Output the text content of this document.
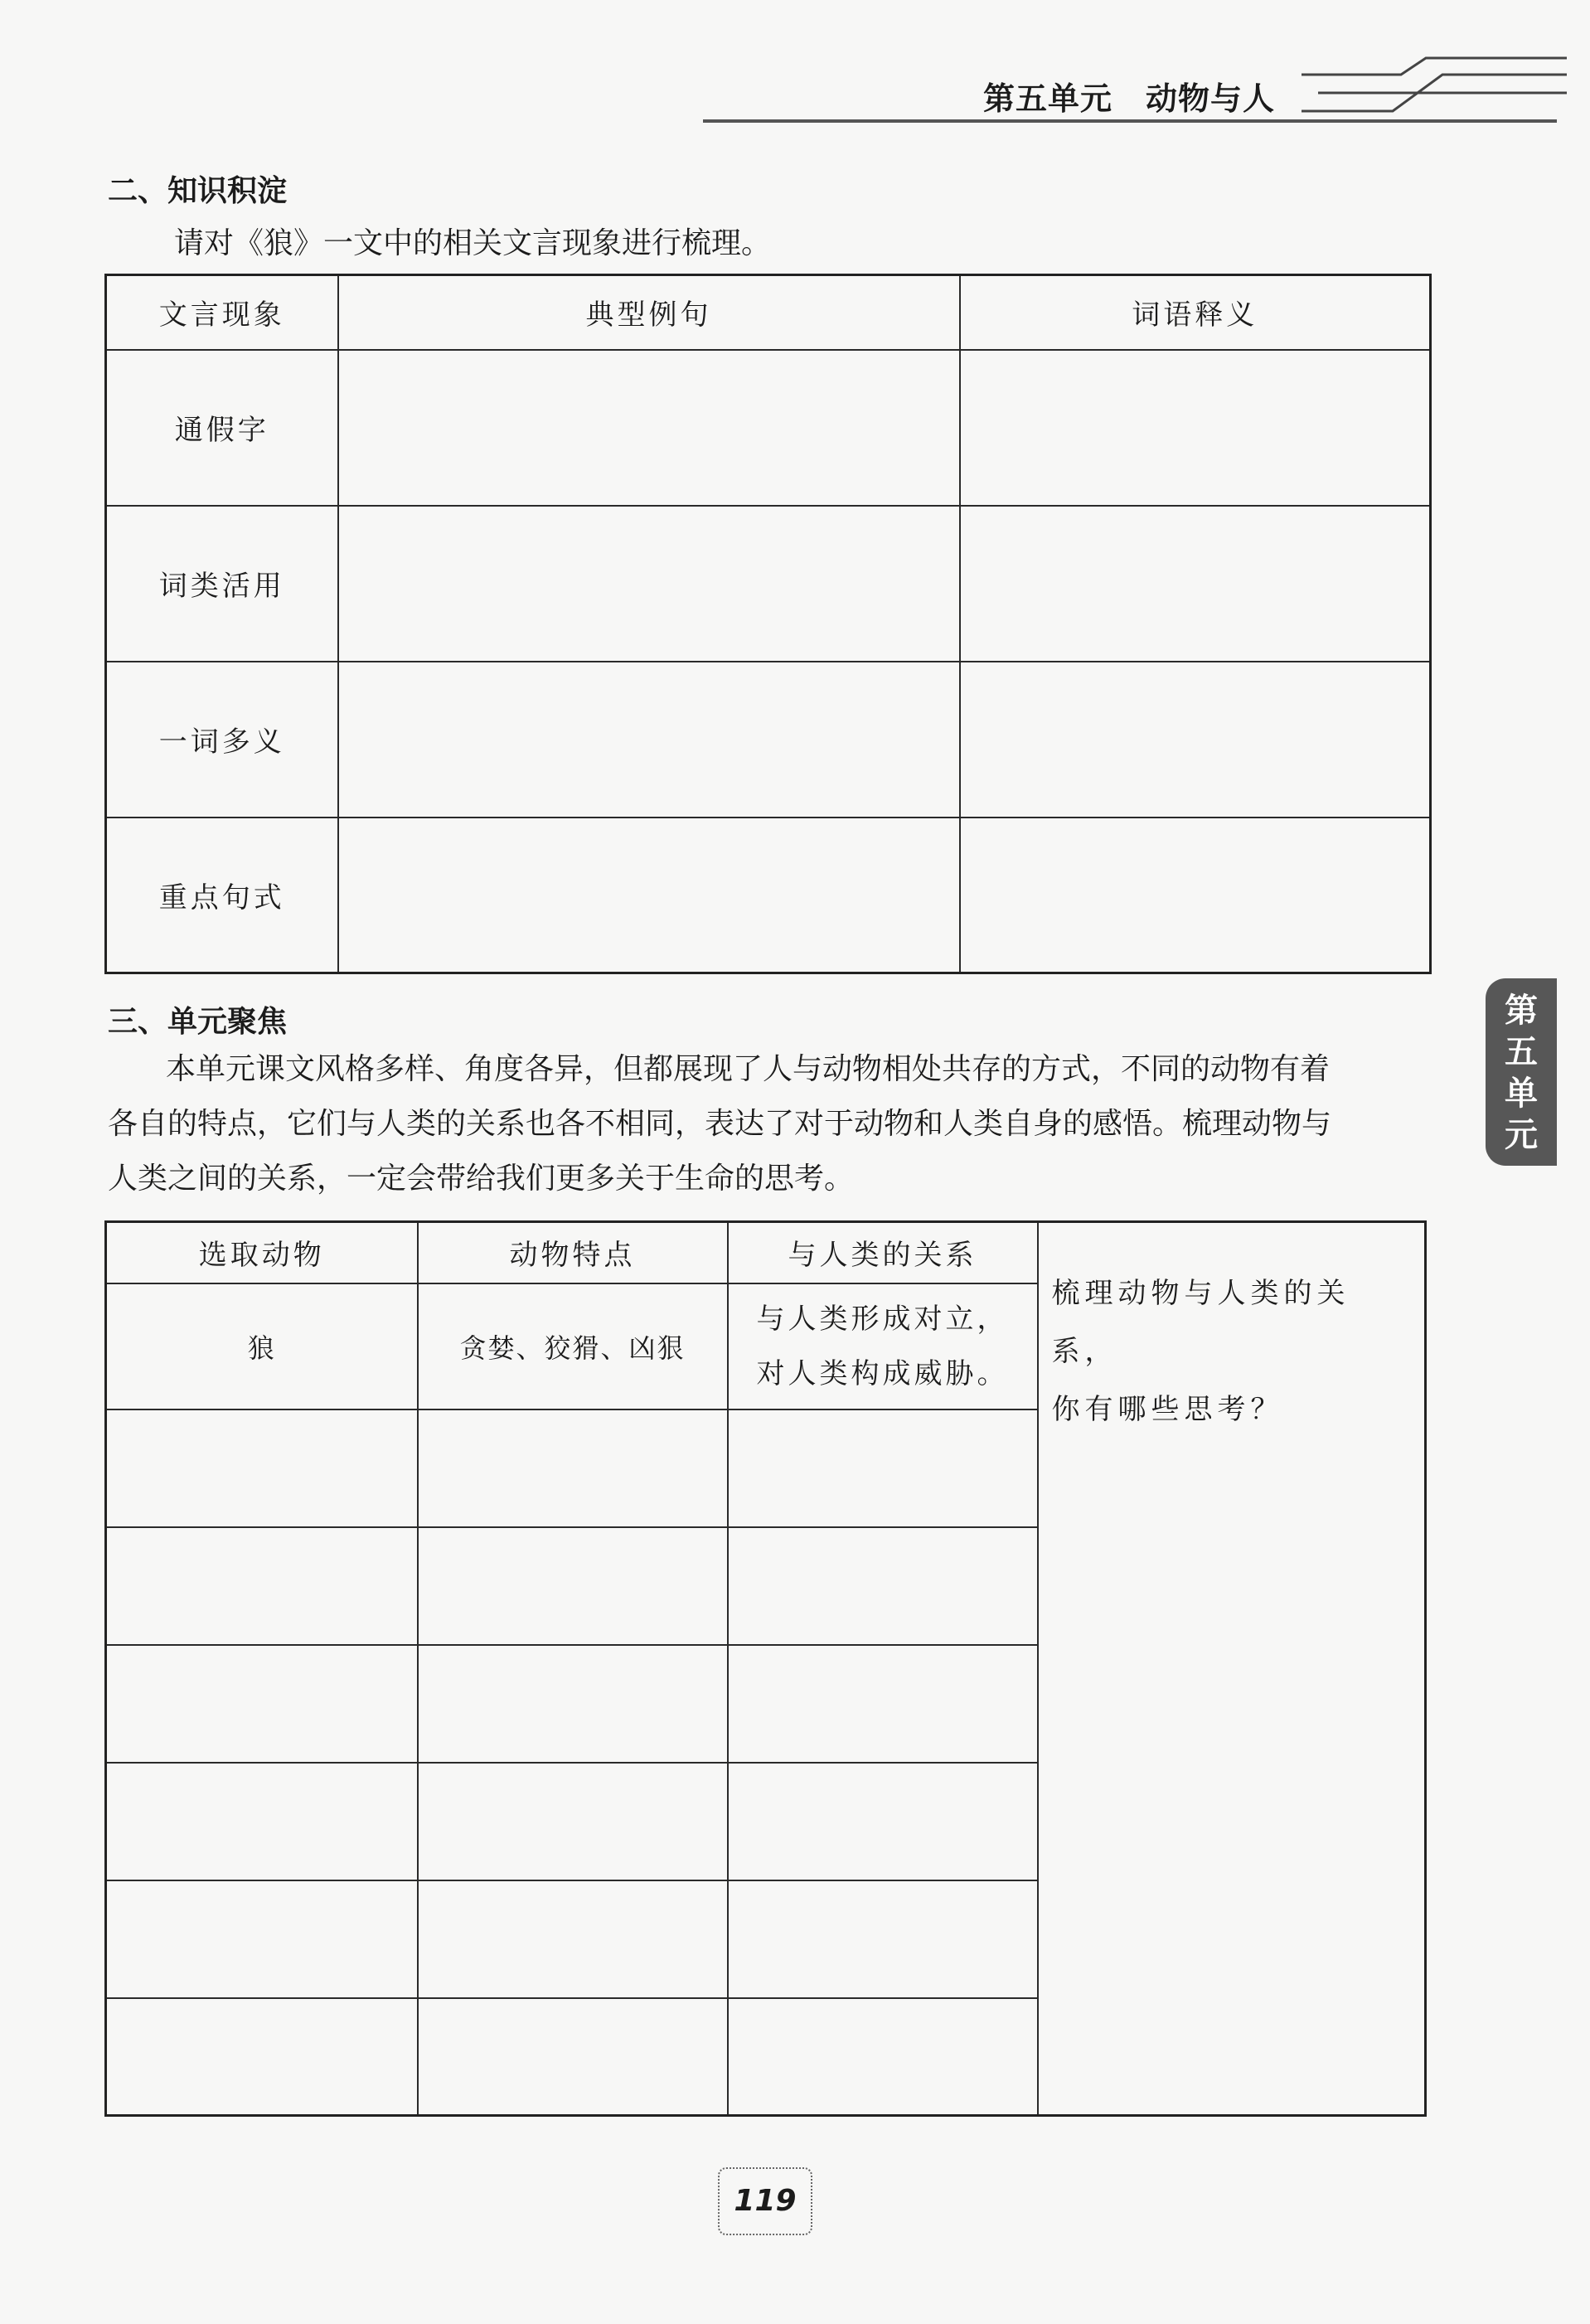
第五单元 动物与人
二、知识积淀
请对《狼》一文中的相关文言现象进行梳理。
文言现象	典型例句	词语释义
通假字		
词类活用		
一词多义		
重点句式		
三、单元聚焦
本单元课文风格多样、角度各异，但都展现了人与动物相处共存的方式，不同的动物有着
各自的特点，它们与人类的关系也各不相同，表达了对于动物和人类自身的感悟。梳理动物与
人类之间的关系，一定会带给我们更多关于生命的思考。
选取动物	动物特点	与人类的关系	梳理动物与人类的关系，
你有哪些思考？

狼	贪婪、狡猾、凶狠	与人类形成对立，
对人类构成威胁。	

第
五
单
元
119
